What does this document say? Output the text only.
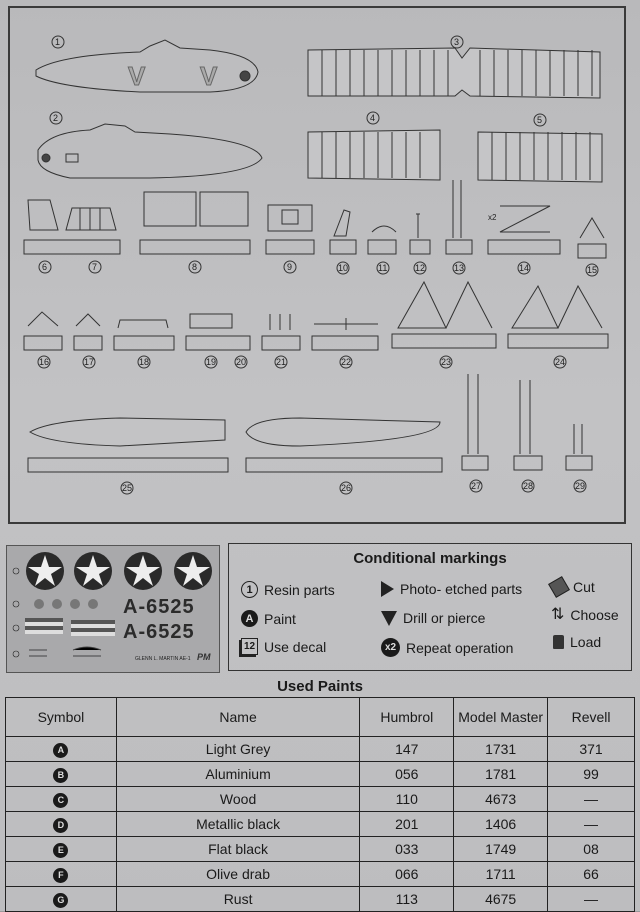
V V
1
2
3
4	5
6	7	8	9	10	11	12	13	14	15
16	17	18	19 20	21	22	23	24
25	26	27	28	29
x2
A-6525
A-6525
GLENN L. MARTIN AE-1 PM
Conditional markings
1 Resin parts
A Paint
12 Use decal
Photo- etched parts
Drill or pierce
x2 Repeat operation
Cut
⇅ Choose
Load
Used Paints
Symbol	Name	Humbrol	Model Master	Revell
A	Light Grey	147	1731	371
B	Aluminium	056	1781	99
C	Wood	110	4673	—
D	Metallic black	201	1406	—
E	Flat black	033	1749	08
F	Olive drab	066	1711	66
G	Rust	113	4675	—
